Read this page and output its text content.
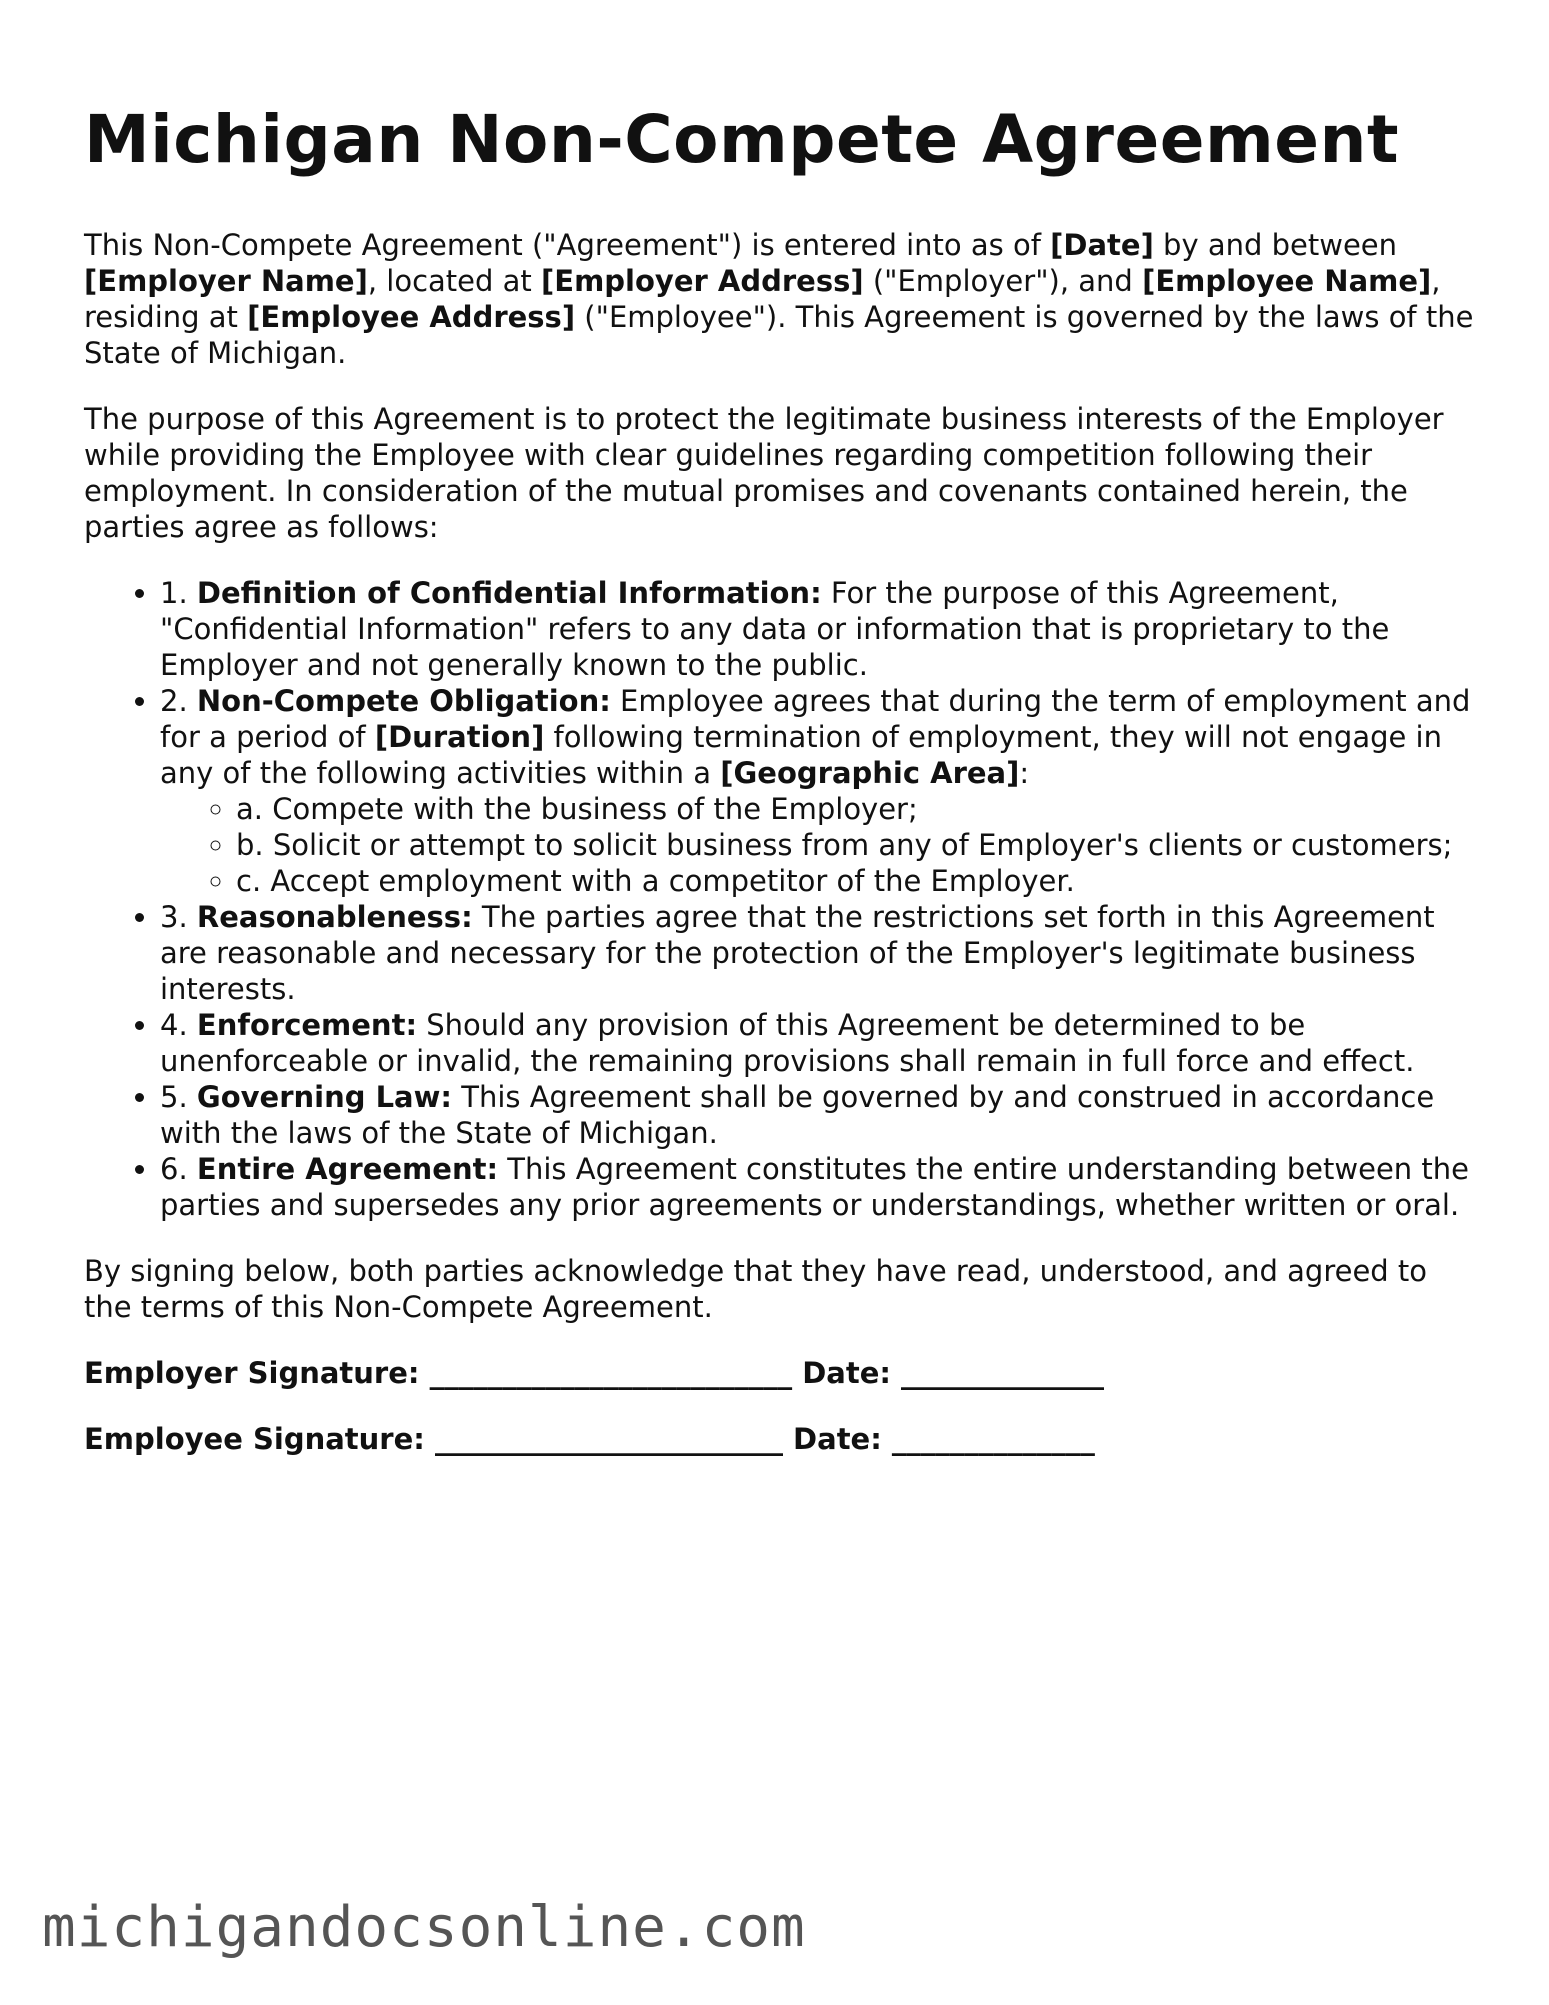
Michigan Non-Compete Agreement

This Non-Compete Agreement ("Agreement") is entered into as of [Date] by and between [Employer Name], located at [Employer Address] ("Employer"), and [Employee Name], residing at [Employee Address] ("Employee"). This Agreement is governed by the laws of the State of Michigan.

The purpose of this Agreement is to protect the legitimate business interests of the Employer while providing the Employee with clear guidelines regarding competition following their employment. In consideration of the mutual promises and covenants contained herein, the parties agree as follows:

• 1. Definition of Confidential Information: For the purpose of this Agreement, "Confidential Information" refers to any data or information that is proprietary to the Employer and not generally known to the public.
• 2. Non-Compete Obligation: Employee agrees that during the term of employment and for a period of [Duration] following termination of employment, they will not engage in any of the following activities within a [Geographic Area]:
◦ a. Compete with the business of the Employer;
◦ b. Solicit or attempt to solicit business from any of Employer's clients or customers;
◦ c. Accept employment with a competitor of the Employer.
• 3. Reasonableness: The parties agree that the restrictions set forth in this Agreement are reasonable and necessary for the protection of the Employer's legitimate business interests.
• 4. Enforcement: Should any provision of this Agreement be determined to be unenforceable or invalid, the remaining provisions shall remain in full force and effect.
• 5. Governing Law: This Agreement shall be governed by and construed in accordance with the laws of the State of Michigan.
• 6. Entire Agreement: This Agreement constitutes the entire understanding between the parties and supersedes any prior agreements or understandings, whether written or oral.

By signing below, both parties acknowledge that they have read, understood, and agreed to the terms of this Non-Compete Agreement.

Employer Signature: _________________________ Date: ______________
Employee Signature: ________________________ Date: ______________
michigandocsonline.com
